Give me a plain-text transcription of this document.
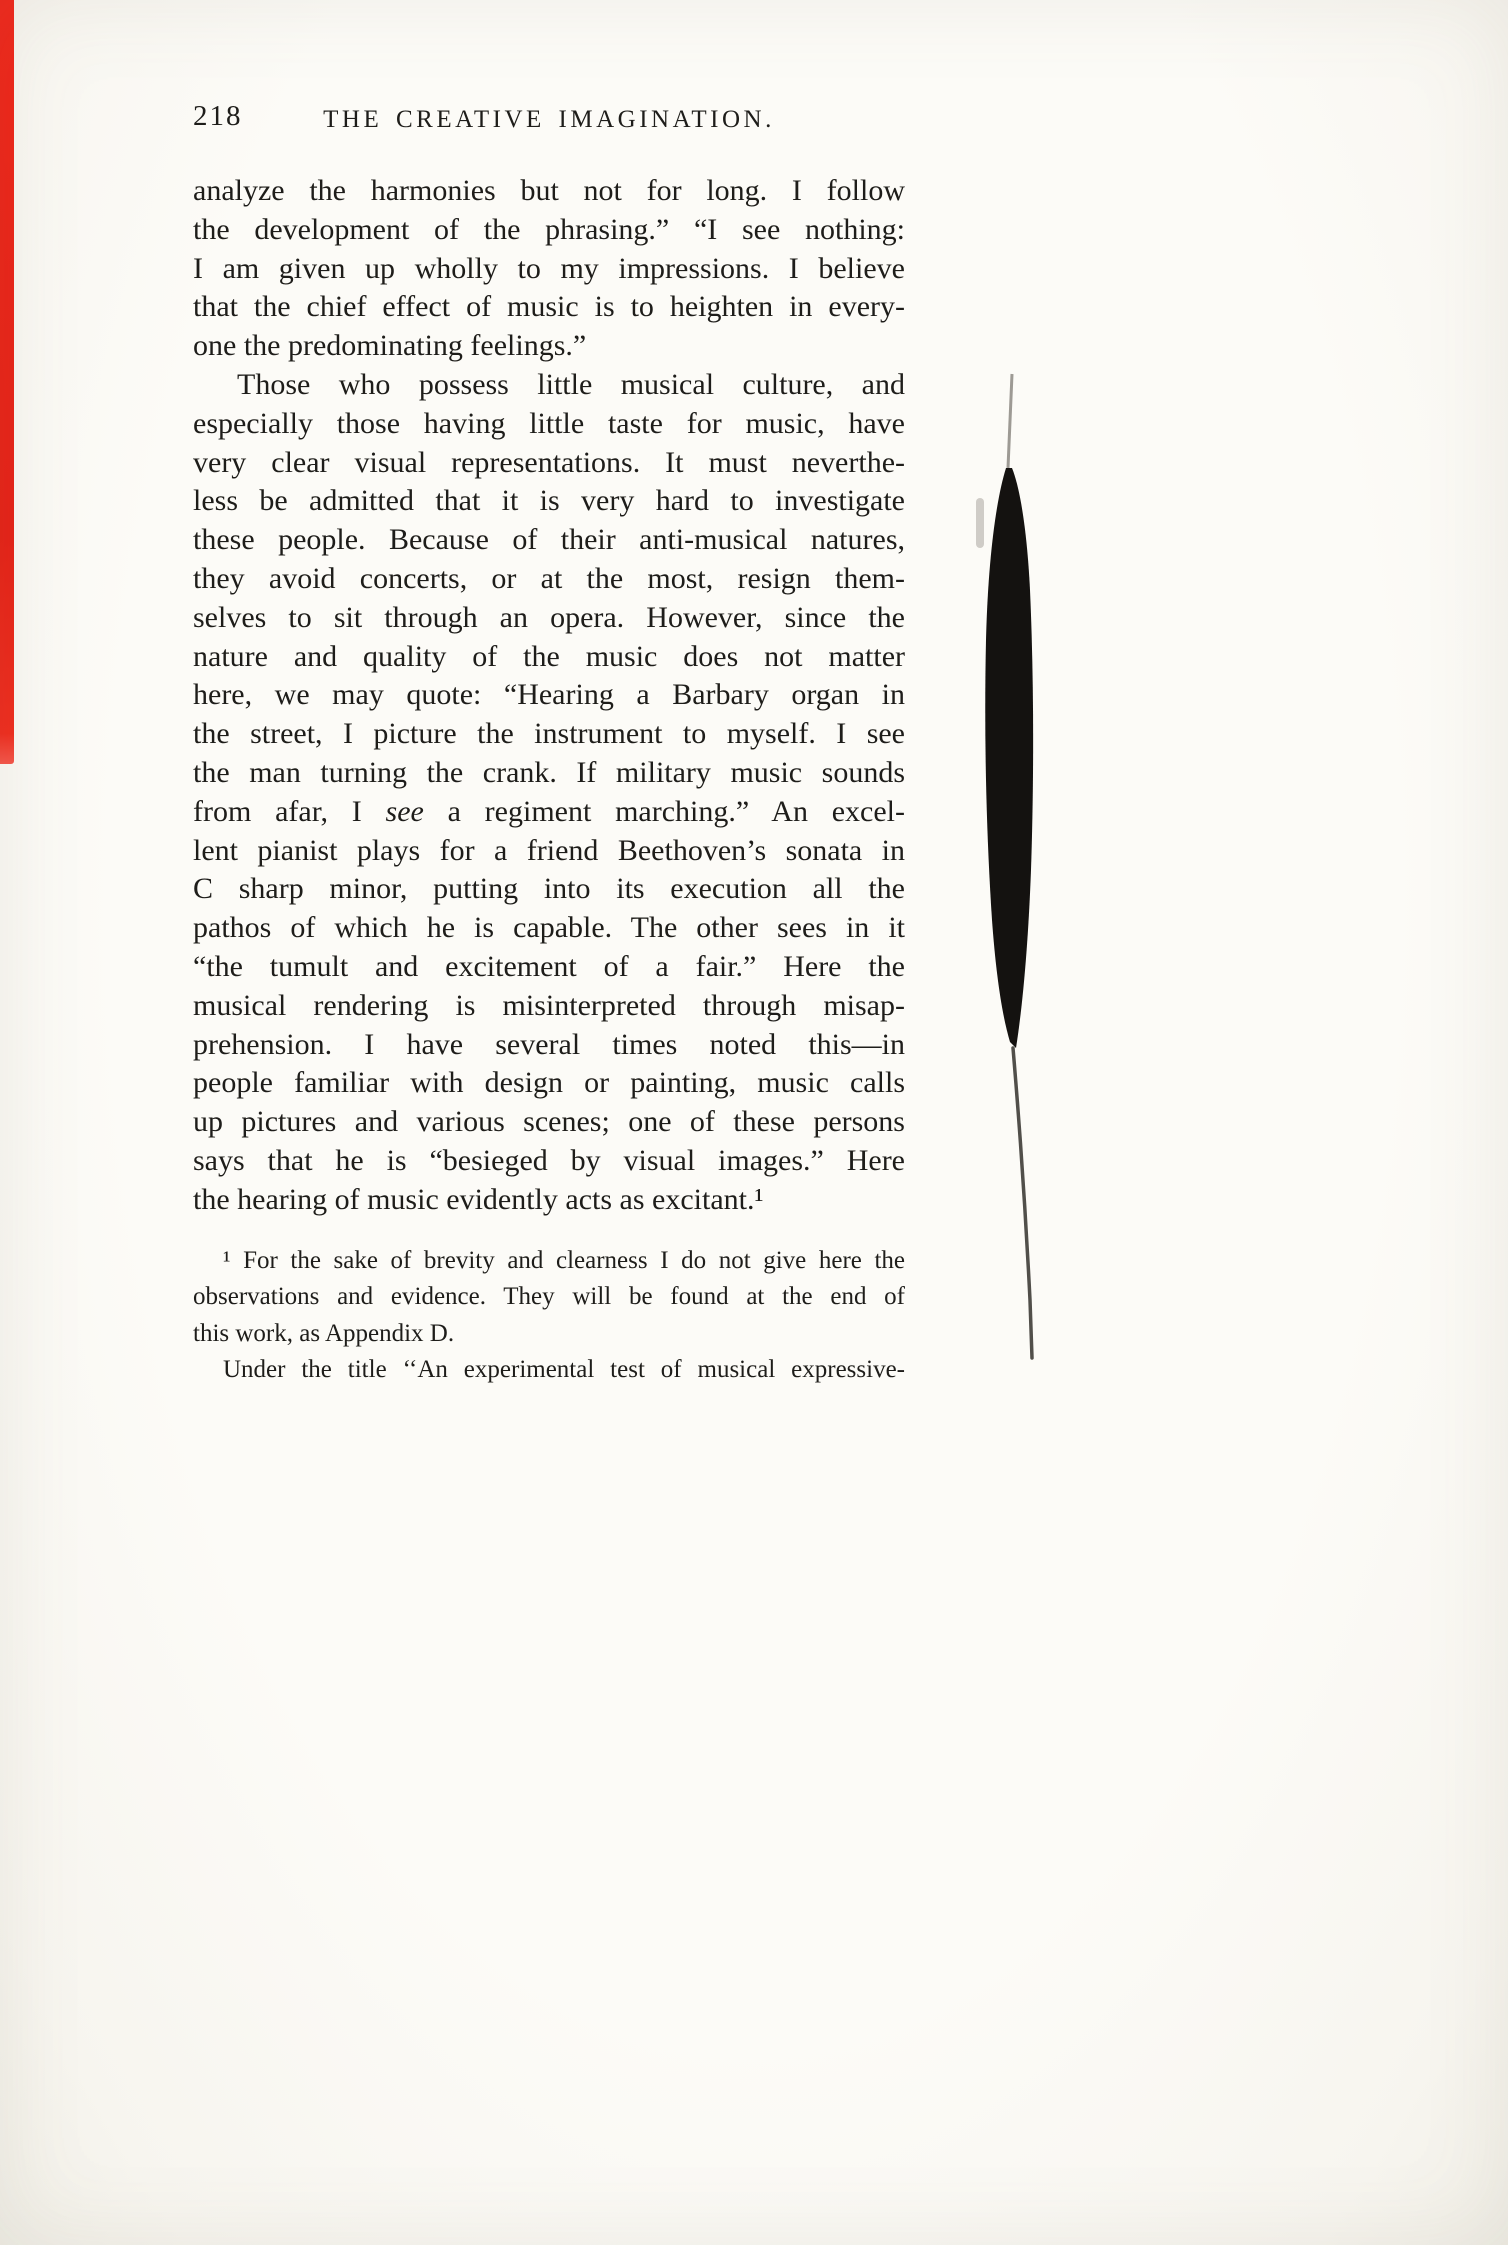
218	THE CREATIVE IMAGINATION.
analyze the harmonies but not for long. I follow
the development of the phrasing.” “I see nothing:
I am given up wholly to my impressions. I believe
that the chief effect of music is to heighten in every-
one the predominating feelings.”
Those who possess little musical culture, and
especially those having little taste for music, have
very clear visual representations. It must neverthe-
less be admitted that it is very hard to investigate
these people. Because of their anti-musical natures,
they avoid concerts, or at the most, resign them-
selves to sit through an opera. However, since the
nature and quality of the music does not matter
here, we may quote: “Hearing a Barbary organ in
the street, I picture the instrument to myself. I see
the man turning the crank. If military music sounds
from afar, I see a regiment marching.” An excel-
lent pianist plays for a friend Beethoven’s sonata in
C sharp minor, putting into its execution all the
pathos of which he is capable. The other sees in it
“the tumult and excitement of a fair.” Here the
musical rendering is misinterpreted through misap-
prehension. I have several times noted this—in
people familiar with design or painting, music calls
up pictures and various scenes; one of these persons
says that he is “besieged by visual images.” Here
the hearing of music evidently acts as excitant.¹
¹ For the sake of brevity and clearness I do not give here the
observations and evidence. They will be found at the end of
this work, as Appendix D.
Under the title ‘‘An experimental test of musical expressive-
